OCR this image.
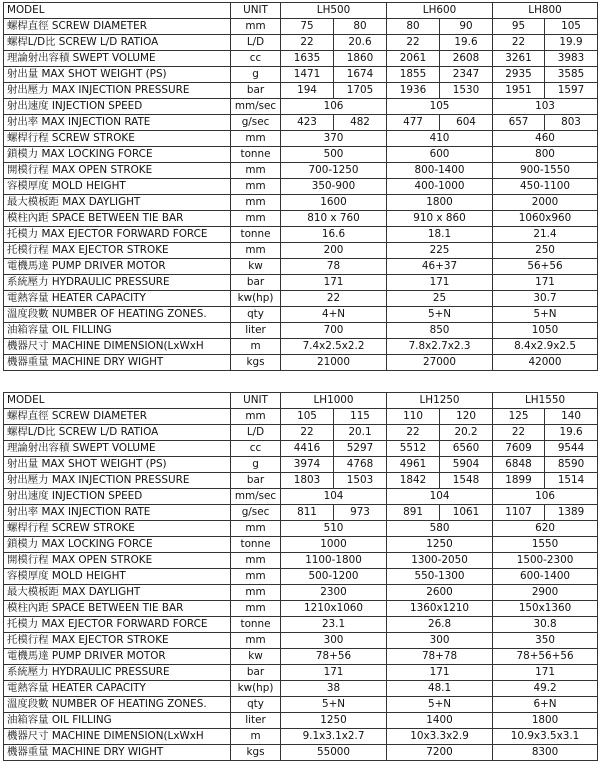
MODEL	UNIT	LH500		LH600		LH800	
螺桿直徑 SCREW DIAMETER	mm	75	80	80	90	95	105
螺桿L/D比 SCREW L/D RATIOA	L/D	22	20.6	22	19.6	22	19.9
理論射出容積 SWEPT VOLUME	cc	1635	1860	2061	2608	3261	3983
射出量 MAX SHOT WEIGHT (PS)	g	1471	1674	1855	2347	2935	3585
射出壓力 MAX INJECTION PRESSURE	bar	194	1705	1936	1530	1951	1597
射出速度 INJECTION SPEED	mm/sec	106		105		103	
射出率 MAX INJECTION RATE	g/sec	423	482	477	604	657	803
螺桿行程 SCREW STROKE	mm	370		410		460	
鎖模力 MAX LOCKING FORCE	tonne	500		600		800	
開模行程 MAX OPEN STROKE	mm	700-1250		800-1400		900-1550	
容模厚度 MOLD HEIGHT	mm	350-900		400-1000		450-1100	
最大模板距 MAX DAYLIGHT	mm	1600		1800		2000	
模柱內距 SPACE BETWEEN TIE BAR	mm	810 x 760		910 x 860		1060x960	
托模力 MAX EJECTOR FORWARD FORCE	tonne	16.6		18.1		21.4	
托模行程 MAX EJECTOR STROKE	mm	200		225		250	
電機馬達 PUMP DRIVER MOTOR	kw	78		46+37		56+56	
系統壓力 HYDRAULIC PRESSURE	bar	171		171		171	
電熱容量 HEATER CAPACITY	kw(hp)	22		25		30.7	
溫度段數 NUMBER OF HEATING ZONES.	qty	4+N		5+N		5+N	
油箱容量 OIL FILLING	liter	700		850		1050	
機器尺寸 MACHINE DIMENSION(LxWxH	m	7.4x2.5x2.2		7.8x2.7x2.3		8.4x2.9x2.5	
機器重量 MACHINE DRY WIGHT	kgs	21000		27000		42000	
MODEL	UNIT	LH1000		LH1250		LH1550	
螺桿直徑 SCREW DIAMETER	mm	105	115	110	120	125	140
螺桿L/D比 SCREW L/D RATIOA	L/D	22	20.1	22	20.2	22	19.6
理論射出容積 SWEPT VOLUME	cc	4416	5297	5512	6560	7609	9544
射出量 MAX SHOT WEIGHT (PS)	g	3974	4768	4961	5904	6848	8590
射出壓力 MAX INJECTION PRESSURE	bar	1803	1503	1842	1548	1899	1514
射出速度 INJECTION SPEED	mm/sec	104		104		106	
射出率 MAX INJECTION RATE	g/sec	811	973	891	1061	1107	1389
螺桿行程 SCREW STROKE	mm	510		580		620	
鎖模力 MAX LOCKING FORCE	tonne	1000		1250		1550	
開模行程 MAX OPEN STROKE	mm	1100-1800		1300-2050		1500-2300	
容模厚度 MOLD HEIGHT	mm	500-1200		550-1300		600-1400	
最大模板距 MAX DAYLIGHT	mm	2300		2600		2900	
模柱內距 SPACE BETWEEN TIE BAR	mm	1210x1060		1360x1210		150x1360	
托模力 MAX EJECTOR FORWARD FORCE	tonne	23.1		26.8		30.8	
托模行程 MAX EJECTOR STROKE	mm	300		300		350	
電機馬達 PUMP DRIVER MOTOR	kw	78+56		78+78		78+56+56	
系統壓力 HYDRAULIC PRESSURE	bar	171		171		171	
電熱容量 HEATER CAPACITY	kw(hp)	38		48.1		49.2	
溫度段數 NUMBER OF HEATING ZONES.	qty	5+N		5+N		6+N	
油箱容量 OIL FILLING	liter	1250		1400		1800	
機器尺寸 MACHINE DIMENSION(LxWxH	m	9.1x3.1x2.7		10x3.3x2.9		10.9x3.5x3.1	
機器重量 MACHINE DRY WIGHT	kgs	55000		7200		8300	
